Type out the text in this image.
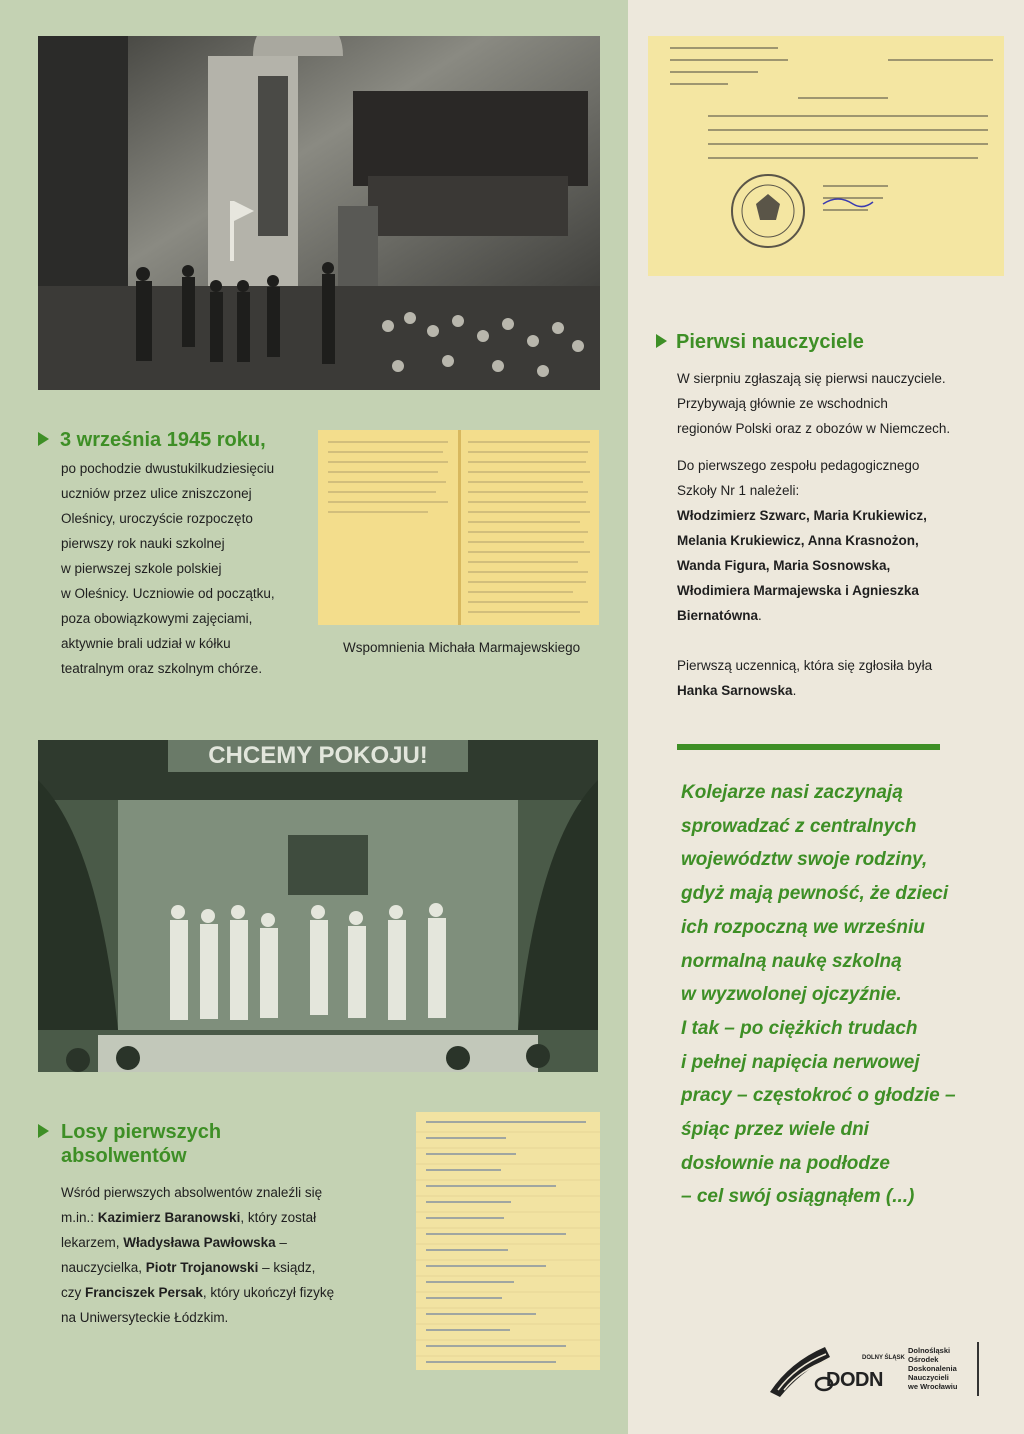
3 września 1945 roku,
po pochodzie dwustukilkudziesięciu
uczniów przez ulice zniszczonej
Oleśnicy, uroczyście rozpoczęto
pierwszy rok nauki szkolnej
w pierwszej szkole polskiej
w Oleśnicy. Uczniowie od początku,
poza obowiązkowymi zajęciami,
aktywnie brali udział w kółku
teatralnym oraz szkolnym chórze.
Wspomnienia Michała Marmajewskiego
CHCEMY POKOJU!
Losy pierwszych
absolwentów
Wśród pierwszych absolwentów znaleźli się
m.in.: Kazimierz Baranowski, który został
lekarzem, Władysława Pawłowska –
nauczycielka, Piotr Trojanowski – ksiądz,
czy Franciszek Persak, który ukończył fizykę
na Uniwersyteckie Łódzkim.
Pierwsi nauczyciele
W sierpniu zgłaszają się pierwsi nauczyciele.
Przybywają głównie ze wschodnich
regionów Polski oraz z obozów w Niemczech.
Do pierwszego zespołu pedagogicznego
Szkoły Nr 1 należeli:
Włodzimierz Szwarc, Maria Krukiewicz,
Melania Krukiewicz, Anna Krasnożon,
Wanda Figura, Maria Sosnowska,
Włodimiera Marmajewska i Agnieszka
Biernatówna.
Pierwszą uczennicą, która się zgłosiła była
Hanka Sarnowska.
Kolejarze nasi zaczynają
sprowadzać z centralnych
województw swoje rodziny,
gdyż mają pewność, że dzieci
ich rozpoczną we wrześniu
normalną naukę szkolną
w wyzwolonej ojczyźnie.
I tak – po ciężkich trudach
i pełnej napięcia nerwowej
pracy – częstokroć o głodzie –
śpiąc przez wiele dni
dosłownie na podłodze
– cel swój osiągnąłem (...)
DOLNY ŚLĄSK
DODN
Dolnośląski
Ośrodek
Doskonalenia
Nauczycieli
we Wrocławiu
